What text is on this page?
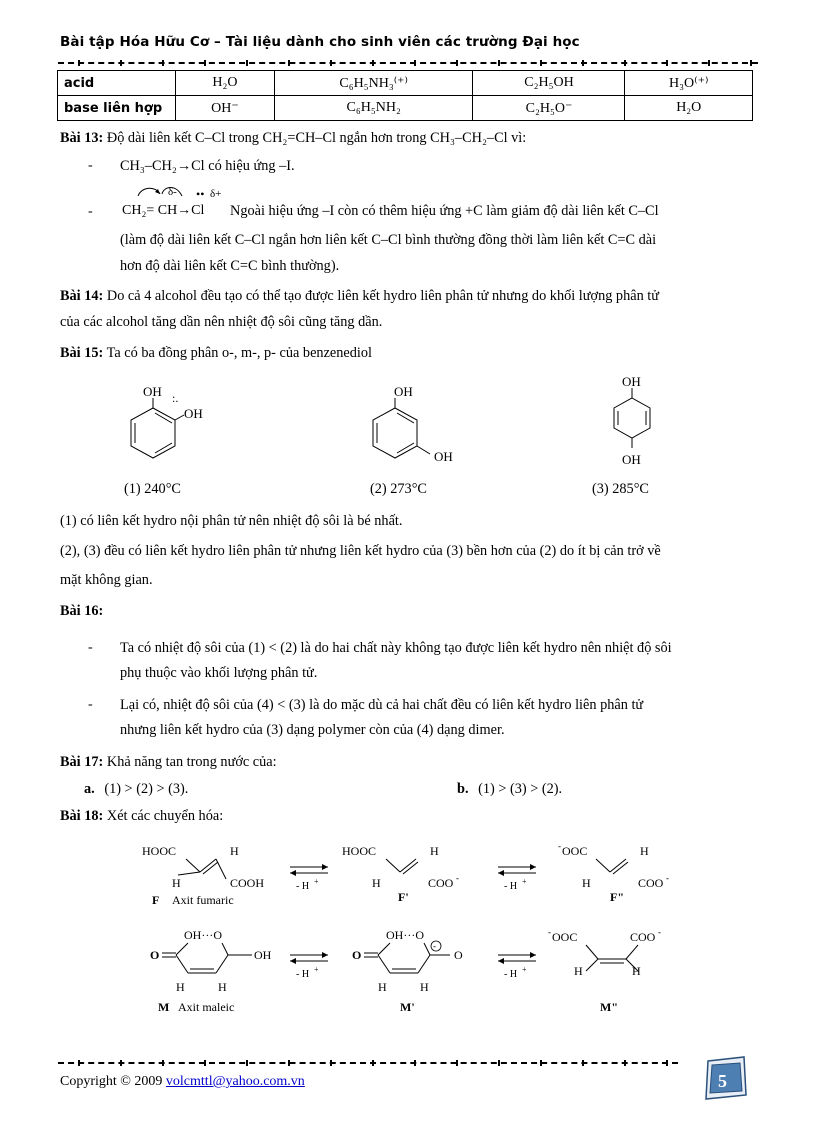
Bài tập Hóa Hữu Cơ – Tài liệu dành cho sinh viên các trường Đại học
acid	H₂O	C₆H₅NH₃⁽⁺⁾	C₂H₅OH	H₃O⁽⁺⁾
base liên hợp	OH⁻	C₆H₅NH₂	C₂H₅O⁻	H₂O
Bài 13: Độ dài liên kết C–Cl trong CH₂=CH–Cl ngắn hơn trong CH₃–CH₂–Cl vì:
- CH₃–CH₂→Cl có hiệu ứng –I.
-
δ-	δ+
••
CH₂= CH→Cl Ngoài hiệu ứng –I còn có thêm hiệu ứng +C làm giảm độ dài liên kết C–Cl
(làm độ dài liên kết C–Cl ngắn hơn liên kết C–Cl bình thường đồng thời làm liên kết C=C dài
hơn độ dài liên kết C=C bình thường).
Bài 14: Do cả 4 alcohol đều tạo có thể tạo được liên kết hydro liên phân tử nhưng do khối lượng phân tử
của các alcohol tăng dần nên nhiệt độ sôi cũng tăng dần.
Bài 15: Ta có ba đồng phân o-, m-, p- của benzenediol
OH
OH
:.
(1) 240°C
OH
OH
(2) 273°C
OH
OH
(3) 285°C
(1) có liên kết hydro nội phân tử nên nhiệt độ sôi là bé nhất.
(2), (3) đều có liên kết hydro liên phân tử nhưng liên kết hydro của (3) bền hơn của (2) do ít bị cản trở về
mặt không gian.
Bài 16:
- Ta có nhiệt độ sôi của (1) < (2) là do hai chất này không tạo được liên kết hydro nên nhiệt độ sôi
phụ thuộc vào khối lượng phân tử.
- Lại có, nhiệt độ sôi của (4) < (3) là do mặc dù cả hai chất đều có liên kết hydro liên phân tử
nhưng liên kết hydro của (3) dạng polymer còn của (4) dạng dimer.
Bài 17: Khả năng tan trong nước của:
a. (1) > (2) > (3).	b. (1) > (3) > (2).
Bài 18: Xét các chuyển hóa:
HOOC	H
H	COOH
F Axit fumaric
- H +
HOOC	H
H	COO -
F'
- H +
- OOC	H
H	COO -
F"
OH···O
O	OH
H	H
M Axit maleic
- H +
OH···O
O
-
O
H	H
M'
- H +
- OOC	COO -
H	H
M"
Copyright © 2009 volcmttl@yahoo.com.vn	5
